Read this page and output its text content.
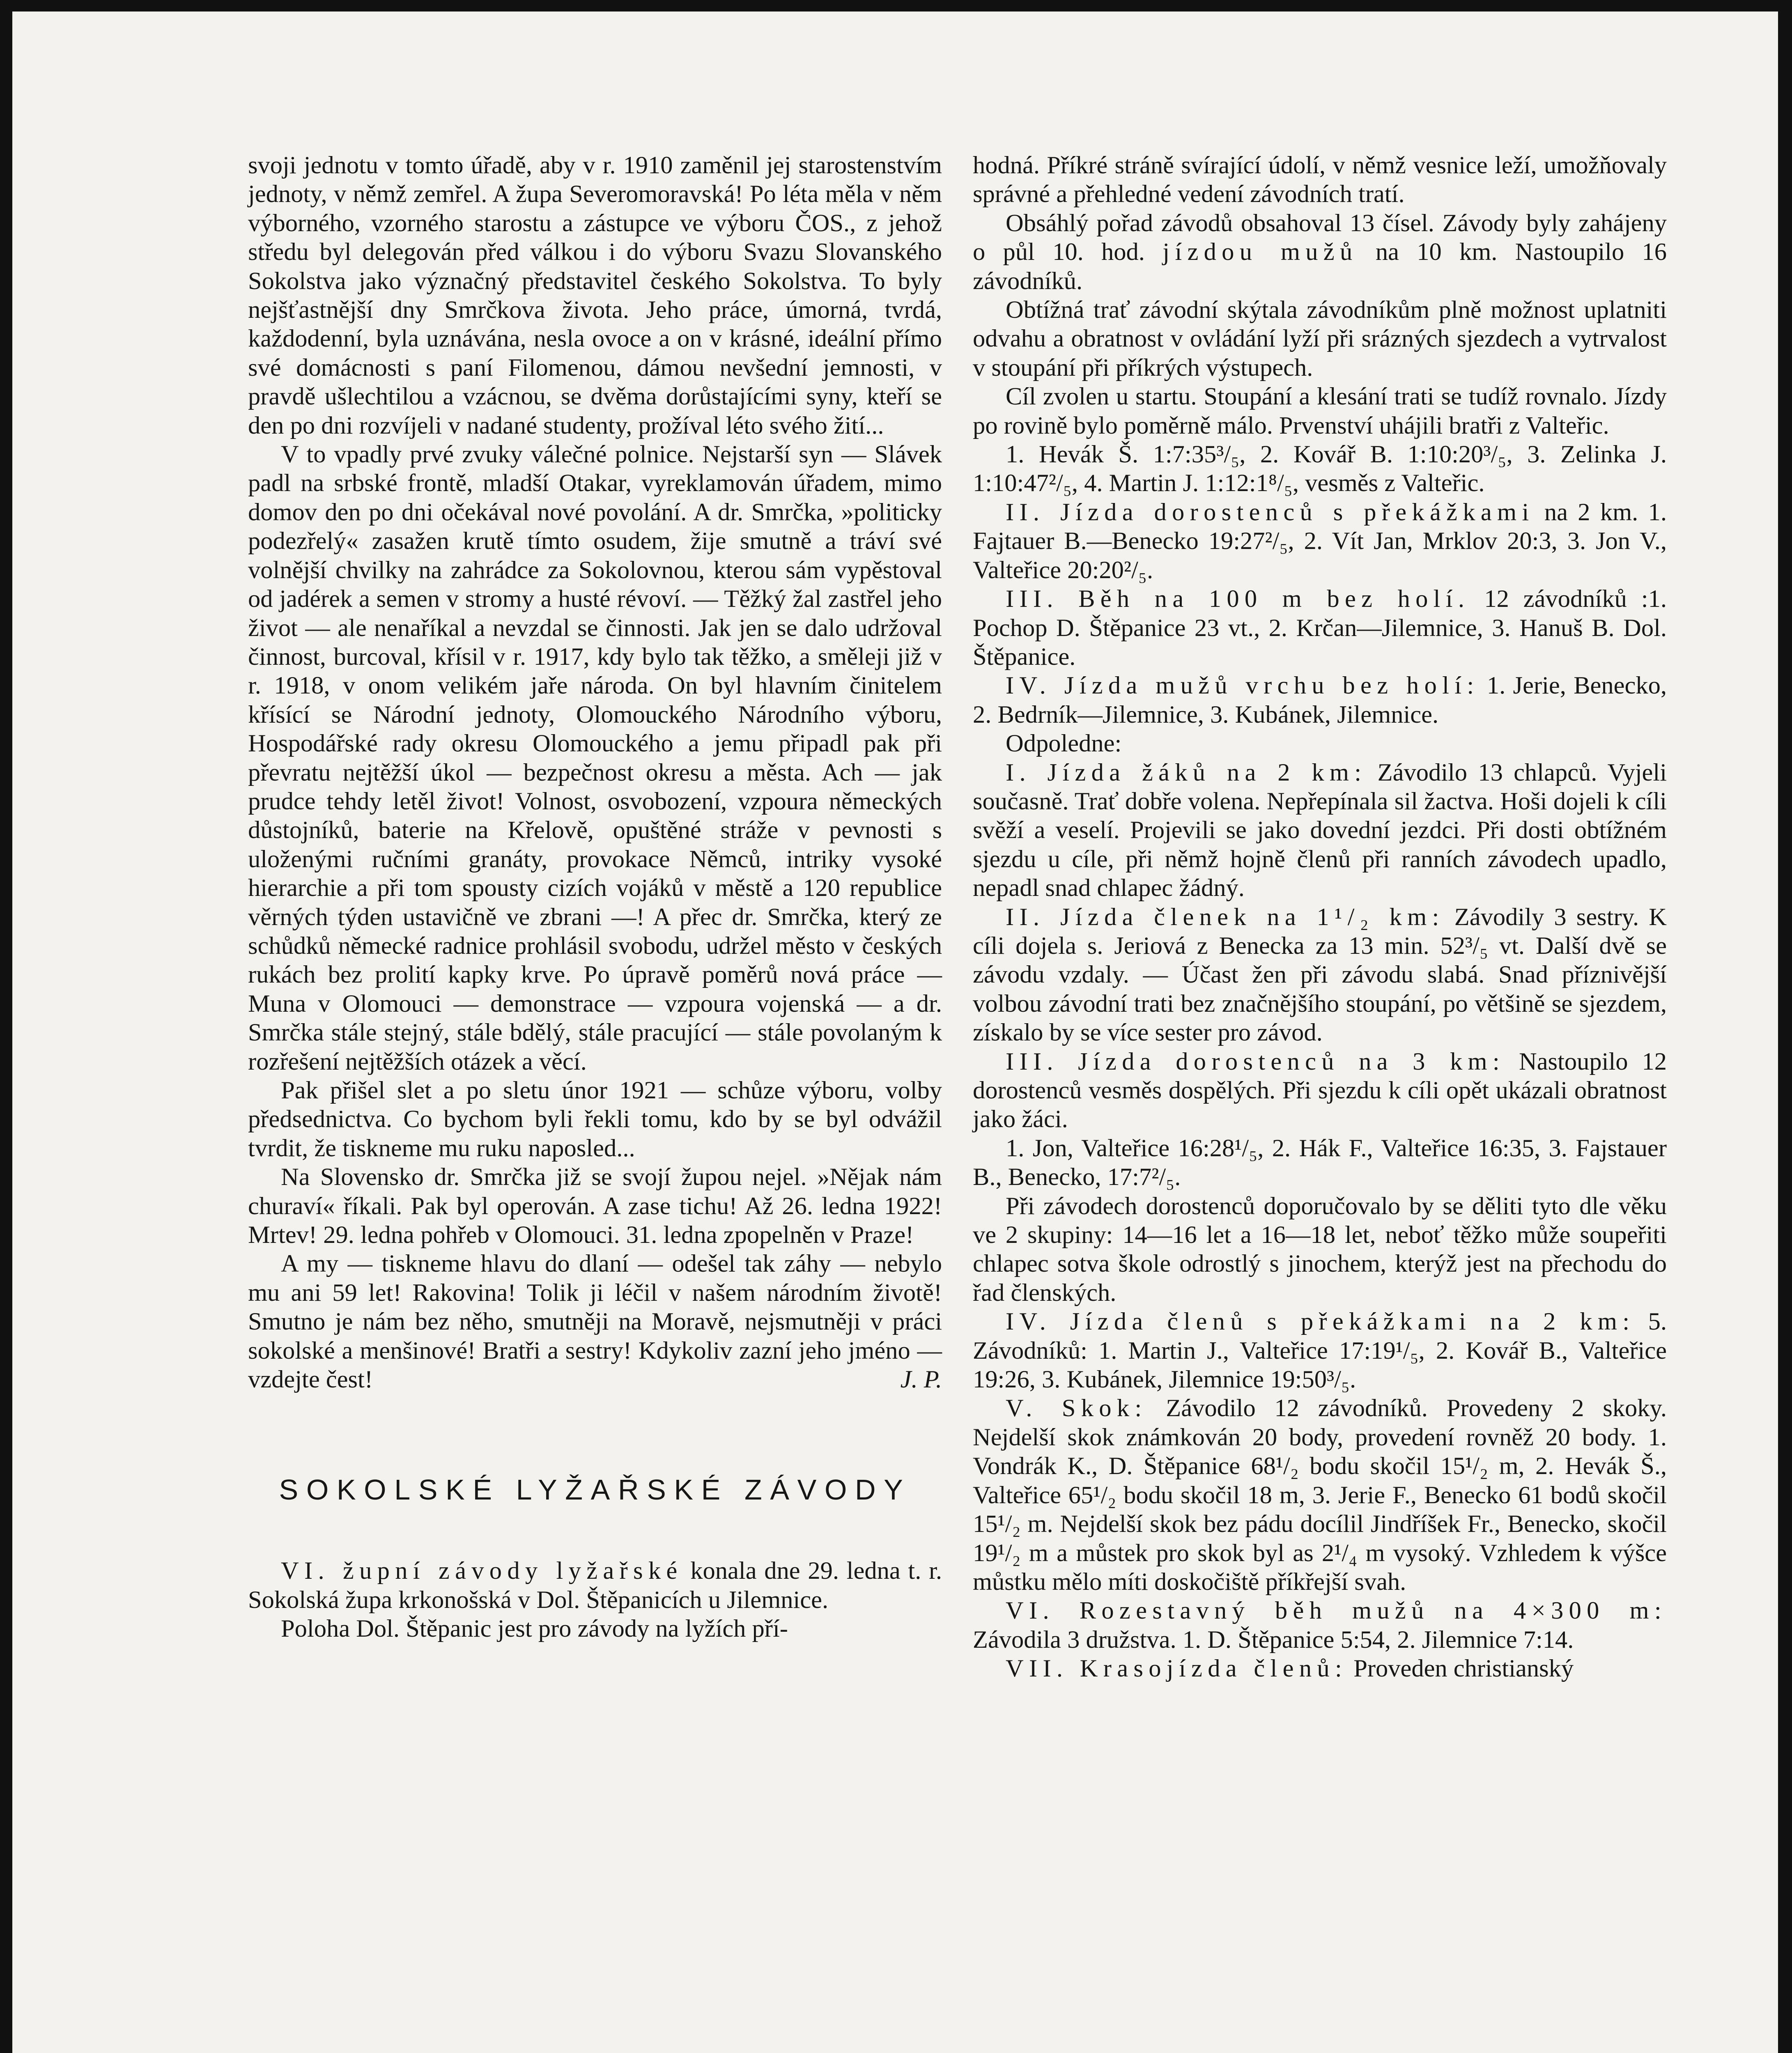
svoji jednotu v tomto úřadě, aby v r. 1910 zaměnil jej starostenstvím jednoty, v němž zemřel. A župa Severomoravská! Po léta měla v něm výborného, vzorného starostu a zástupce ve výboru ČOS., z jehož středu byl delegován před válkou i do výboru Svazu Slovanského Sokolstva jako význačný představitel českého Sokolstva. To byly nejšťastnější dny Smrčkova života. Jeho práce, úmorná, tvrdá, každodenní, byla uznávána, nesla ovoce a on v krásné, ideální přímo své domácnosti s paní Filomenou, dámou nevšední jemnosti, v pravdě ušlechtilou a vzácnou, se dvěma dorůstajícími syny, kteří se den po dni rozvíjeli v nadané studenty, prožíval léto svého žití...

V to vpadly prvé zvuky válečné polnice. Nejstarší syn — Slávek padl na srbské frontě, mladší Otakar, vyreklamován úřadem, mimo domov den po dni očekával nové povolání. A dr. Smrčka, »politicky podezřelý« zasažen krutě tímto osudem, žije smutně a tráví své volnější chvilky na zahrádce za Sokolovnou, kterou sám vypěstoval od jadérek a semen v stromy a husté révoví. — Těžký žal zastřel jeho život — ale nenaříkal a nevzdal se činnosti. Jak jen se dalo udržoval činnost, burcoval, křísil v r. 1917, kdy bylo tak těžko, a směleji již v r. 1918, v onom velikém jaře národa. On byl hlavním činitelem křísící se Národní jednoty, Olomouckého Národního výboru, Hospodářské rady okresu Olomouckého a jemu připadl pak při převratu nejtěžší úkol — bezpečnost okresu a města. Ach — jak prudce tehdy letěl život! Volnost, osvobození, vzpoura německých důstojníků, baterie na Křelově, opuštěné stráže v pevnosti s uloženými ručními granáty, provokace Němců, intriky vysoké hierarchie a při tom spousty cizích vojáků v městě a 120 republice věrných týden ustavičně ve zbrani —! A přec dr. Smrčka, který ze schůdků německé radnice prohlásil svobodu, udržel město v českých rukách bez prolití kapky krve. Po úpravě poměrů nová práce — Muna v Olomouci — demonstrace — vzpoura vojenská — a dr. Smrčka stále stejný, stále bdělý, stále pracující — stále povolaným k rozřešení nejtěžších otázek a věcí.

Pak přišel slet a po sletu únor 1921 — schůze výboru, volby předsednictva. Co bychom byli řekli tomu, kdo by se byl odvážil tvrdit, že tiskneme mu ruku naposled...

Na Slovensko dr. Smrčka již se svojí župou nejel. »Nějak nám churaví« říkali. Pak byl operován. A zase tichu! Až 26. ledna 1922! Mrtev! 29. ledna pohřeb v Olomouci. 31. ledna zpopelněn v Praze!

A my — tiskneme hlavu do dlaní — odešel tak záhy — nebylo mu ani 59 let! Rakovina! Tolik ji léčil v našem národním životě! Smutno je nám bez něho, smutněji na Moravě, nejsmutněji v práci sokolské a menšinové! Bratři a sestry! Kdykoliv zazní jeho jméno — vzdejte čest!	J. P.

SOKOLSKÉ LYŽAŘSKÉ ZÁVODY

VI. župní závody lyžařské konala dne 29. ledna t. r. Sokolská župa krkonošská v Dol. Štěpanicích u Jilemnice.

Poloha Dol. Štěpanic jest pro závody na lyžích pří-

hodná. Příkré stráně svírající údolí, v němž vesnice leží, umožňovaly správné a přehledné vedení závodních tratí.

Obsáhlý pořad závodů obsahoval 13 čísel. Závody byly zahájeny o půl 10. hod. jízdou mužů na 10 km. Nastoupilo 16 závodníků.

Obtížná trať závodní skýtala závodníkům plně možnost uplatniti odvahu a obratnost v ovládání lyží při srázných sjezdech a vytrvalost v stoupání při příkrých výstupech.

Cíl zvolen u startu. Stoupání a klesání trati se tudíž rovnalo. Jízdy po rovině bylo poměrně málo. Prvenství uhájili bratři z Valteřic.

1. Hevák Š. 1:7:35³/₅, 2. Kovář B. 1:10:20³/₅, 3. Zelinka J. 1:10:47²/₅, 4. Martin J. 1:12:1⁸/₅, vesměs z Valteřic.

II. Jízda dorostenců s překážkami na 2 km. 1. Fajtauer B.—Benecko 19:27²/₅, 2. Vít Jan, Mrklov 20:3, 3. Jon V., Valteřice 20:20²/₅.

III. Běh na 100 m bez holí. 12 závodníků :1. Pochop D. Štěpanice 23 vt., 2. Krčan—Jilemnice, 3. Hanuš B. Dol. Štěpanice.

IV. Jízda mužů vrchu bez holí: 1. Jerie, Benecko, 2. Bedrník—Jilemnice, 3. Kubánek, Jilemnice.

Odpoledne:

I. Jízda žáků na 2 km: Závodilo 13 chlapců. Vyjeli současně. Trať dobře volena. Nepřepínala sil žactva. Hoši dojeli k cíli svěží a veselí. Projevili se jako dovední jezdci. Při dosti obtížném sjezdu u cíle, při němž hojně členů při ranních závodech upadlo, nepadl snad chlapec žádný.

II. Jízda členek na 1¹/₂ km: Závodily 3 sestry. K cíli dojela s. Jeriová z Benecka za 13 min. 52³/₅ vt. Další dvě se závodu vzdaly. — Účast žen při závodu slabá. Snad příznivější volbou závodní trati bez značnějšího stoupání, po většině se sjezdem, získalo by se více sester pro závod.

III. Jízda dorostenců na 3 km: Nastoupilo 12 dorostenců vesměs dospělých. Při sjezdu k cíli opět ukázali obratnost jako žáci.

1. Jon, Valteřice 16:28¹/₅, 2. Hák F., Valteřice 16:35, 3. Fajstauer B., Benecko, 17:7²/₅.

Při závodech dorostenců doporučovalo by se děliti tyto dle věku ve 2 skupiny: 14—16 let a 16—18 let, neboť těžko může soupeřiti chlapec sotva škole odrostlý s jinochem, kterýž jest na přechodu do řad členských.

IV. Jízda členů s překážkami na 2 km: 5. Závodníků: 1. Martin J., Valteřice 17:19¹/₅, 2. Kovář B., Valteřice 19:26, 3. Kubánek, Jilemnice 19:50³/₅.

V. Skok: Závodilo 12 závodníků. Provedeny 2 skoky. Nejdelší skok známkován 20 body, provedení rovněž 20 body. 1. Vondrák K., D. Štěpanice 68¹/₂ bodu skočil 15¹/₂ m, 2. Hevák Š., Valteřice 65¹/₂ bodu skočil 18 m, 3. Jerie F., Benecko 61 bodů skočil 15¹/₂ m. Nejdelší skok bez pádu docílil Jindříšek Fr., Benecko, skočil 19¹/₂ m a můstek pro skok byl as 2¹/₄ m vysoký. Vzhledem k výšce můstku mělo míti doskočiště příkřejší svah.

VI. Rozestavný běh mužů na 4×300 m: Závodila 3 družstva. 1. D. Štěpanice 5:54, 2. Jilemnice 7:14.

VII. Krasojízda členů: Proveden christianský
